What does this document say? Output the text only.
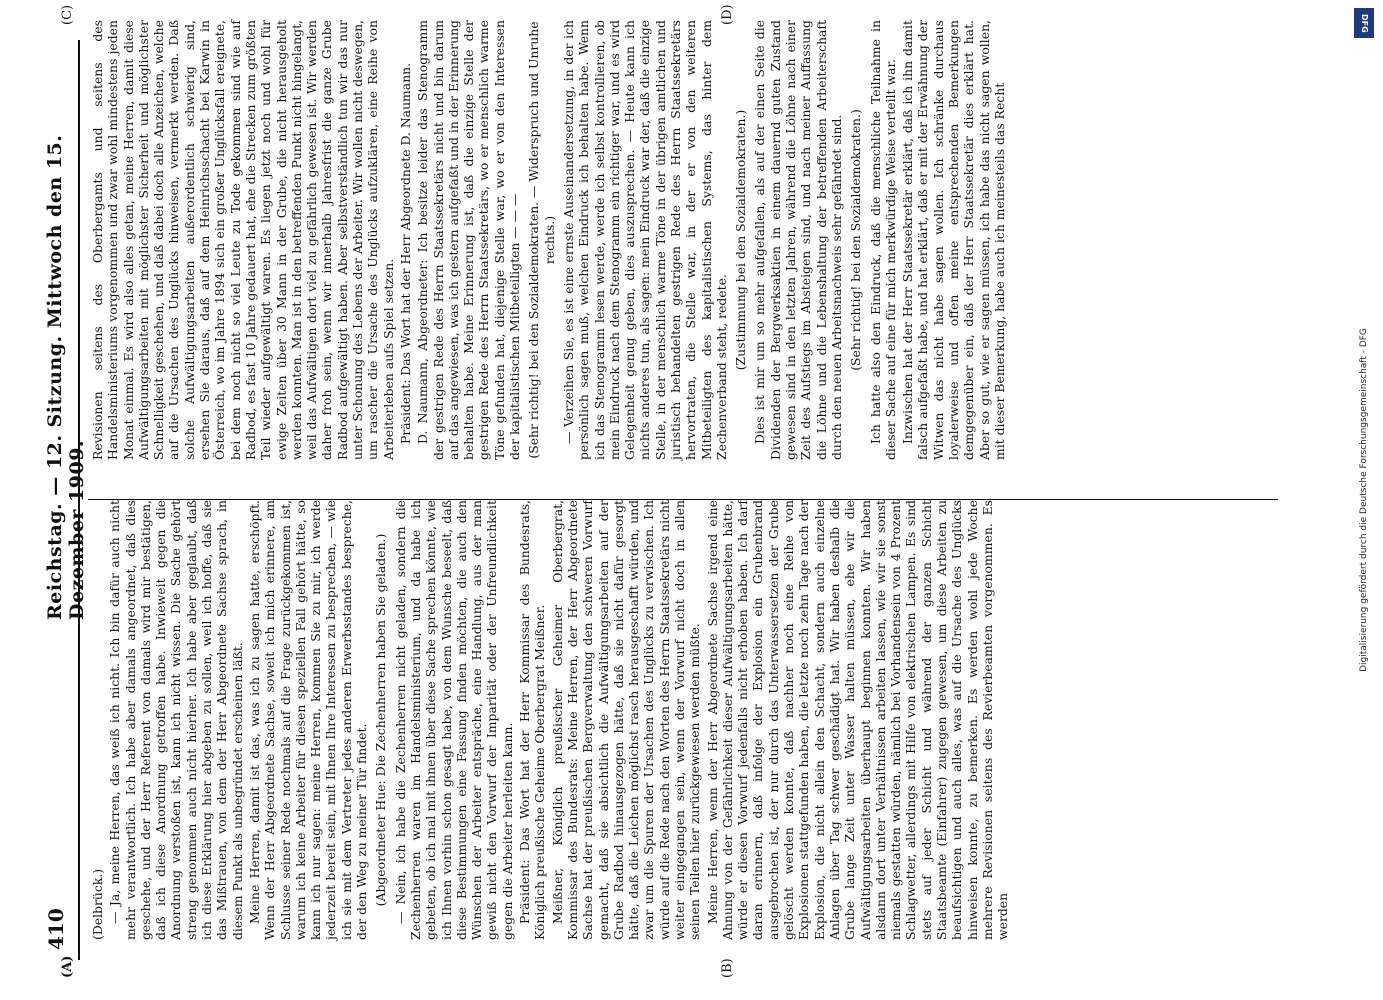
410
Reichstag. — 12. Sitzung. Mittwoch den 15. Dezember 1909.
(A)	(B)
(C)	(D)

(Delbrück.) — Ja, meine Herren, das weiß ich nicht. Ich bin dafür auch nicht mehr verantwortlich. Ich habe aber damals angeordnet, daß dies geschehe, und der Herr Referent von damals wird mir bestätigen, daß ich diese Anordnung getroffen habe. Inwieweit gegen die Anordnung verstoßen ist, kann ich nicht wissen. Die Sache gehört streng genommen auch nicht hierher. Ich habe aber geglaubt, daß ich diese Erklärung hier abgeben zu sollen, weil ich hoffe, daß sie das Mißtrauen, von dem der Herr Abgeordnete Sachse sprach, in diesem Punkt als unbegründet erscheinen läßt. Meine Herren, damit ist das, was ich zu sagen hatte, erschöpft. Wenn der Herr Abgeordnete Sachse, soweit ich mich erinnere, am Schlusse seiner Rede nochmals auf die Frage zurückgekommen ist, warum ich keine Arbeiter für diesen speziellen Fall gehört hätte, so kann ich nur sagen: meine Herren, kommen Sie zu mir, ich werde jederzeit bereit sein, mit Ihnen Ihre Interessen zu besprechen, — wie ich sie mit dem Vertreter jedes anderen Erwerbsstandes bespreche, der den Weg zu meiner Tür findet. (Abgeordneter Hue: Die Zechenherren haben Sie geladen.) — Nein, ich habe die Zechenherren nicht geladen, sondern die Zechenherren waren im Handelsministerium, und da habe ich gebeten, ob ich mal mit ihnen über diese Sache sprechen könnte, wie ich Ihnen vorhin schon gesagt habe, von dem Wunsche beseelt, daß diese Bestimmungen eine Fassung finden möchten, die auch den Wünschen der Arbeiter entspräche, eine Handlung, aus der man gewiß nicht den Vorwurf der Imparität oder der Unfreundlichkeit gegen die Arbeiter herleiten kann. Präsident: Das Wort hat der Herr Kommissar des Bundesrats, Königlich preußische Geheime Oberbergrat Meißner. Meißner, Königlich preußischer Geheimer Oberbergrat, Kommissar des Bundesrats: Meine Herren, der Herr Abgeordnete Sachse hat der preußischen Bergverwaltung den schweren Vorwurf gemacht, daß sie absichtlich die Aufwältigungsarbeiten auf der Grube Radbod hinausgezogen hätte, daß sie nicht dafür gesorgt hätte, daß die Leichen möglichst rasch herausgeschafft würden, und zwar um die Spuren der Ursachen des Unglücks zu verwischen. Ich würde auf die Rede nach den Worten des Herrn Staatssekretärs nicht weiter eingegangen sein, wenn der Vorwurf nicht doch in allen seinen Teilen hier zurückgewiesen werden müßte. Meine Herren, wenn der Herr Abgeordnete Sachse irgend eine Ahnung von der Gefährlichkeit dieser Aufwältigungsarbeiten hätte, würde er diesen Vorwurf jedenfalls nicht erhoben haben. Ich darf daran erinnern, daß infolge der Explosion ein Grubenbrand ausgebrochen ist, der nur durch das Unterwassersetzen der Grube gelöscht werden konnte, daß nachher noch eine Reihe von Explosionen stattgefunden haben, die letzte noch zehn Tage nach der Explosion, die nicht allein den Schacht, sondern auch einzelne Anlagen über Tag schwer geschädigt hat. Wir haben deshalb die Grube lange Zeit unter Wasser halten müssen, ehe wir die Aufwältigungsarbeiten überhaupt beginnen konnten. Wir haben alsdann dort unter Verhältnissen arbeiten lassen, wie wir sie sonst niemals gestatten würden, nämlich bei Vorhandensein von 4 Prozent Schlagwetter, allerdings mit Hilfe von elektrischen Lampen. Es sind stets auf jeder Schicht und während der ganzen Schicht Staatsbeamte (Einfahrer) zugegen gewesen, um diese Arbeiten zu beaufsichtigen und auch alles, was auf die Ursache des Unglücks hinweisen konnte, zu bemerken. Es werden wohl jede Woche mehrere Revisionen seitens des Revierbeamten vorgenommen. Es werden

Revisionen seitens des Oberbergamts und seitens des Handelsministeriums vorgenommen und zwar wohl mindestens jeden Monat einmal. Es wird also alles getan, meine Herren, damit diese Aufwältigungsarbeiten mit möglichster Sicherheit und möglichster Schnelligkeit geschehen, und daß dabei doch alle Anzeichen, welche auf die Ursachen des Unglücks hinweisen, vermerkt werden. Daß solche Aufwältigungsarbeiten außerordentlich schwierig sind, ersehen Sie daraus, daß auf dem Heinrichsschacht bei Karwin in Österreich, wo im Jahre 1894 sich ein großer Unglücksfall ereignete, bei dem noch nicht so viel Leute zu Tode gekommen sind wie auf Radbod, es fast 10 Jahre gedauert hat, ehe die Strecken zum größten Teil wieder aufgewältigt waren. Es liegen jetzt noch und wohl für ewige Zeiten über 30 Mann in der Grube, die nicht herausgeholt werden konnten. Man ist in den betreffenden Punkt nicht hingelangt, weil das Aufwältigen dort viel zu gefährlich gewesen ist. Wir werden daher froh sein, wenn wir innerhalb Jahresfrist die ganze Grube Radbod aufgewältigt haben. Aber selbstverständlich tun wir das nur unter Schonung des Lebens der Arbeiter. Wir wollen nicht deswegen, um rascher die Ursache des Unglücks aufzuklären, eine Reihe von Arbeiterleben aufs Spiel setzen. Präsident: Das Wort hat der Herr Abgeordnete D. Naumann. D. Naumann, Abgeordneter: Ich besitze leider das Stenogramm der gestrigen Rede des Herrn Staatssekretärs nicht und bin darum auf das angewiesen, was ich gestern aufgefaßt und in der Erinnerung behalten habe. Meine Erinnerung ist, daß die einzige Stelle der gestrigen Rede des Herrn Staatssekretärs, wo er menschlich warme Töne gefunden hat, diejenige Stelle war, wo er von den Interessen der kapitalistischen Mitbeteiligten — — — (Sehr richtig! bei den Sozialdemokraten. — Widerspruch und Unruhe rechts.) — Verzeihen Sie, es ist eine ernste Auseinandersetzung, in der ich persönlich sagen muß, welchen Eindruck ich behalten habe. Wenn ich das Stenogramm lesen werde, werde ich selbst kontrollieren, ob mein Eindruck nach dem Stenogramm ein richtiger war, und es wird Gelegenheit genug geben, dies auszusprechen. — Heute kann ich nichts anderes tun, als sagen: mein Eindruck war der, daß die einzige Stelle, in der menschlich warme Töne in der übrigen amtlichen und juristisch behandelten gestrigen Rede des Herrn Staatssekretärs hervortraten, die Stelle war, in der er von den weiteren Mitbeteiligten des kapitalistischen Systems, das hinter dem Zechenverband steht, redete. (Zustimmung bei den Sozialdemokraten.) Dies ist mir um so mehr aufgefallen, als auf der einen Seite die Dividenden der Bergwerksaktien in einem dauernd guten Zustand gewesen sind in den letzten Jahren, während die Löhne nach einer Zeit des Aufstiegs im Absteigen sind, und nach meiner Auffassung die Löhne und die Lebenshaltung der betreffenden Arbeiterschaft durch den neuen Arbeitsnachweis sehr gefährdet sind. (Sehr richtig! bei den Sozialdemokraten.) Ich hatte also den Eindruck, daß die menschliche Teilnahme in dieser Sache auf eine für mich merkwürdige Weise verteilt war. Inzwischen hat der Herr Staatssekretär erklärt, daß ich ihn damit falsch aufgefaßt habe, und hat erklärt, daß er mit der Erwähnung der Witwen das nicht habe sagen wollen. Ich schränke durchaus loyalerweise und offen meine entsprechenden Bemerkungen demgegenüber ein, daß der Herr Staatssekretär dies erklärt hat. Aber so gut, wie er sagen müssen, ich habe das nicht sagen wollen, mit dieser Bemerkung, habe auch ich meinesteils das Recht

DFG
Digitalisierung gefördert durch die Deutsche Forschungsgemeinschaft - DFG
